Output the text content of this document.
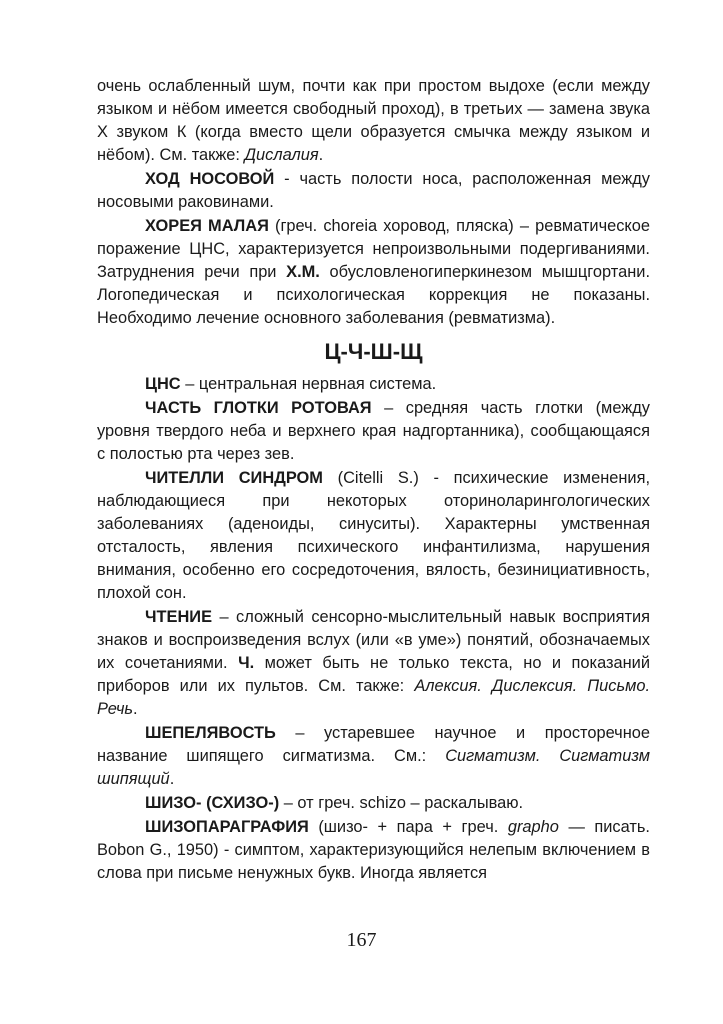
очень ослабленный шум, почти как при простом выдохе (если между языком и нёбом имеется свободный проход), в третьих — замена звука Х звуком К (когда вместо щели образуется смычка между языком и нёбом). См. также: Дислалия.

ХОД НОСОВОЙ - часть полости носа, расположенная между носовыми раковинами.

ХОРЕЯ МАЛАЯ (греч. choreia хоровод, пляска) – ревматическое поражение ЦНС, характеризуется непроизвольными подергиваниями. Затруднения речи при Х.М. обусловленогиперкинезом мышцгортани. Логопедическая и психологическая коррекция не показаны. Необходимо лечение основного заболевания (ревматизма).

Ц-Ч-Ш-Щ

ЦНС – центральная нервная система.

ЧАСТЬ ГЛОТКИ РОТОВАЯ – средняя часть глотки (между уровня твердого неба и верхнего края надгортанника), сообщающаяся с полостью рта через зев.

ЧИТЕЛЛИ СИНДРОМ (Citelli S.) - психические изменения, наблюдающиеся при некоторых оториноларингологических заболеваниях (аденоиды, синуситы). Характерны умственная отсталость, явления психического инфантилизма, нарушения внимания, особенно его сосредоточения, вялость, безинициативность, плохой сон.

ЧТЕНИЕ – сложный сенсорно-мыслительный навык восприятия знаков и воспроизведения вслух (или «в уме») понятий, обозначаемых их сочетаниями. Ч. может быть не только текста, но и показаний приборов или их пультов. См. также: Алексия. Дислексия. Письмо. Речь.

ШЕПЕЛЯВОСТЬ – устаревшее научное и просторечное название шипящего сигматизма. См.: Сигматизм. Сигматизм шипящий.

ШИЗО- (СХИЗО-) – от греч. schizo – раскалываю.

ШИЗОПАРАГРАФИЯ (шизо- + пара + греч. grapho — писать. Bobon G., 1950) - симптом, характеризующийся нелепым включением в слова при письме ненужных букв. Иногда является

167
